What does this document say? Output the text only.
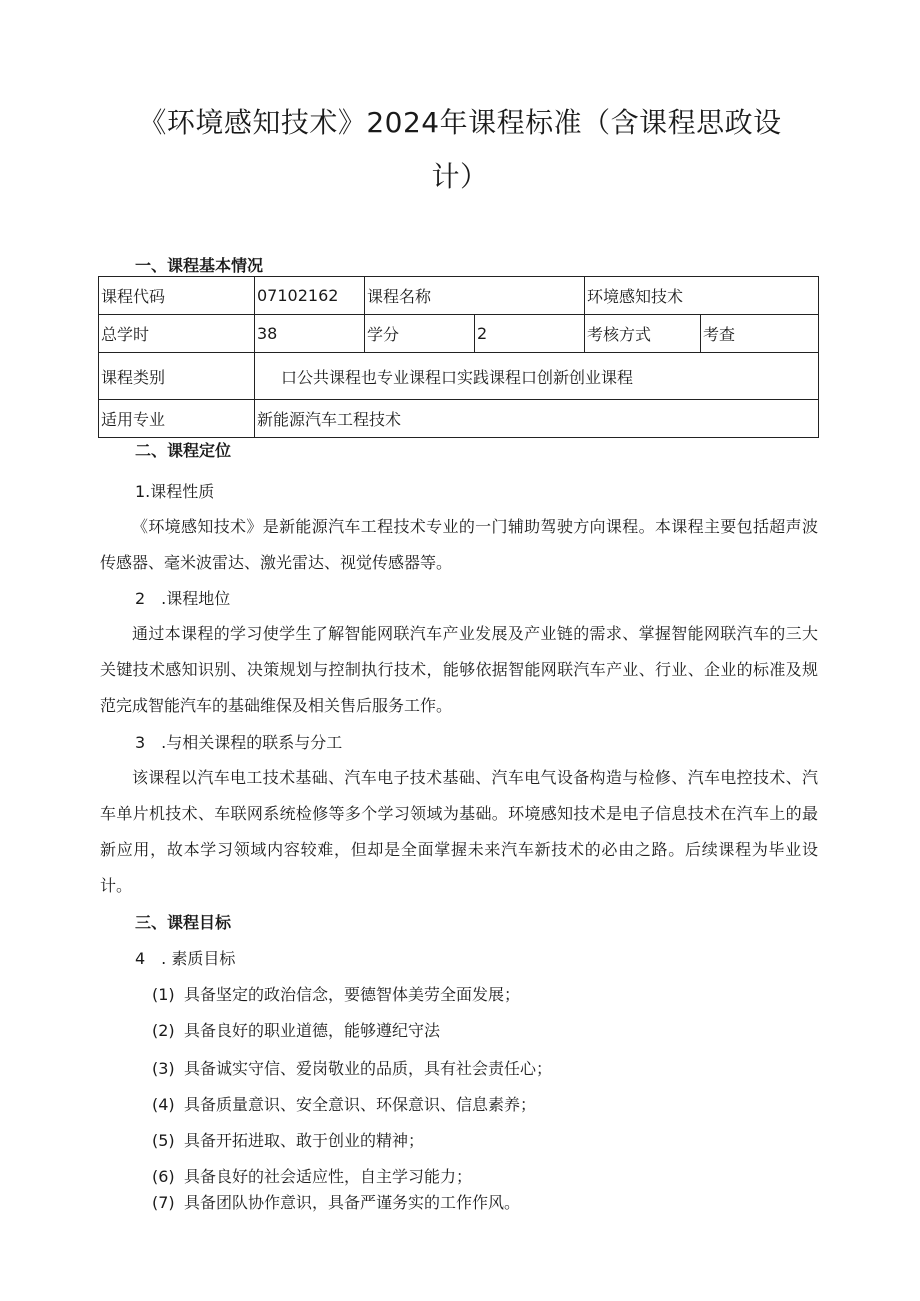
《环境感知技术》2024年课程标准（含课程思政设
计）
一、课程基本情况
课程代码	07102162	课程名称		环境感知技术	
总学时	38	学分	2	考核方式	考查
课程类别	口公共课程也专业课程口实践课程口创新创业课程				
适用专业	新能源汽车工程技术				
二、课程定位
1.课程性质
《环境感知技术》是新能源汽车工程技术专业的一门辅助驾驶方向课程。本课程主要包括超声波传感器、毫米波雷达、激光雷达、视觉传感器等。
2　.课程地位
通过本课程的学习使学生了解智能网联汽车产业发展及产业链的需求、掌握智能网联汽车的三大关键技术感知识别、决策规划与控制执行技术，能够依据智能网联汽车产业、行业、企业的标准及规范完成智能汽车的基础维保及相关售后服务工作。
3　.与相关课程的联系与分工
该课程以汽车电工技术基础、汽车电子技术基础、汽车电气设备构造与检修、汽车电控技术、汽车单片机技术、车联网系统检修等多个学习领域为基础。环境感知技术是电子信息技术在汽车上的最新应用，故本学习领域内容较难，但却是全面掌握未来汽车新技术的必由之路。后续课程为毕业设计。
三、课程目标
4　. 素质目标
(1) 具备坚定的政治信念，要德智体美劳全面发展；
(2) 具备良好的职业道德，能够遵纪守法
(3) 具备诚实守信、爱岗敬业的品质，具有社会责任心；
(4) 具备质量意识、安全意识、环保意识、信息素养；
(5) 具备开拓进取、敢于创业的精神；
(6) 具备良好的社会适应性，自主学习能力；
(7) 具备团队协作意识，具备严谨务实的工作作风。
